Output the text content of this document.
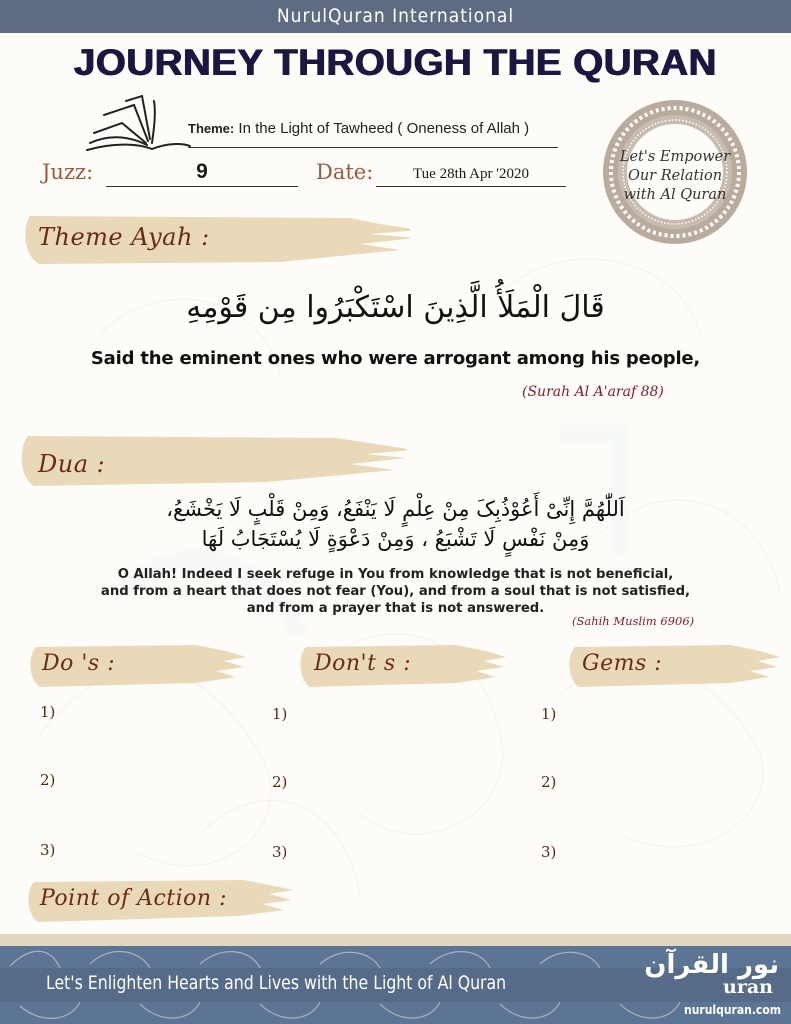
NurulQuran International
JOURNEY THROUGH THE QURAN
Theme: In the Light of Tawheed ( Oneness of Allah )
Juzz:	9	Date:	Tue 28th Apr '2020
Let's Empower
Our Relation
with Al Quran
Theme Ayah :
قَالَ الْمَلَأُ الَّذِينَ اسْتَكْبَرُوا مِن قَوْمِهِ
Said the eminent ones who were arrogant among his people,
(Surah Al A'araf 88)
Dua :
اَللّٰهُمَّ إِنِّیْ أَعُوْذُبِکَ مِنْ عِلْمٍ لَا یَنْفَعُ، وَمِنْ قَلْبٍ لَا یَخْشَعُ،
وَمِنْ نَفْسٍ لَا تَشْبَعُ ، وَمِنْ دَعْوَةٍ لَا یُسْتَجَابُ لَهَا
O Allah! Indeed I seek refuge in You from knowledge that is not beneficial,
and from a heart that does not fear (You), and from a soul that is not satisfied,
and from a prayer that is not answered.
(Sahih Muslim 6906)
Do 's :	Don't s :	Gems :
1)
2)
3)
1)
2)
3)
1)
2)
3)
Point of Action :
Let's Enlighten Hearts and Lives with the Light of Al Quran
نور القرآن
uran
nurulquran.com
